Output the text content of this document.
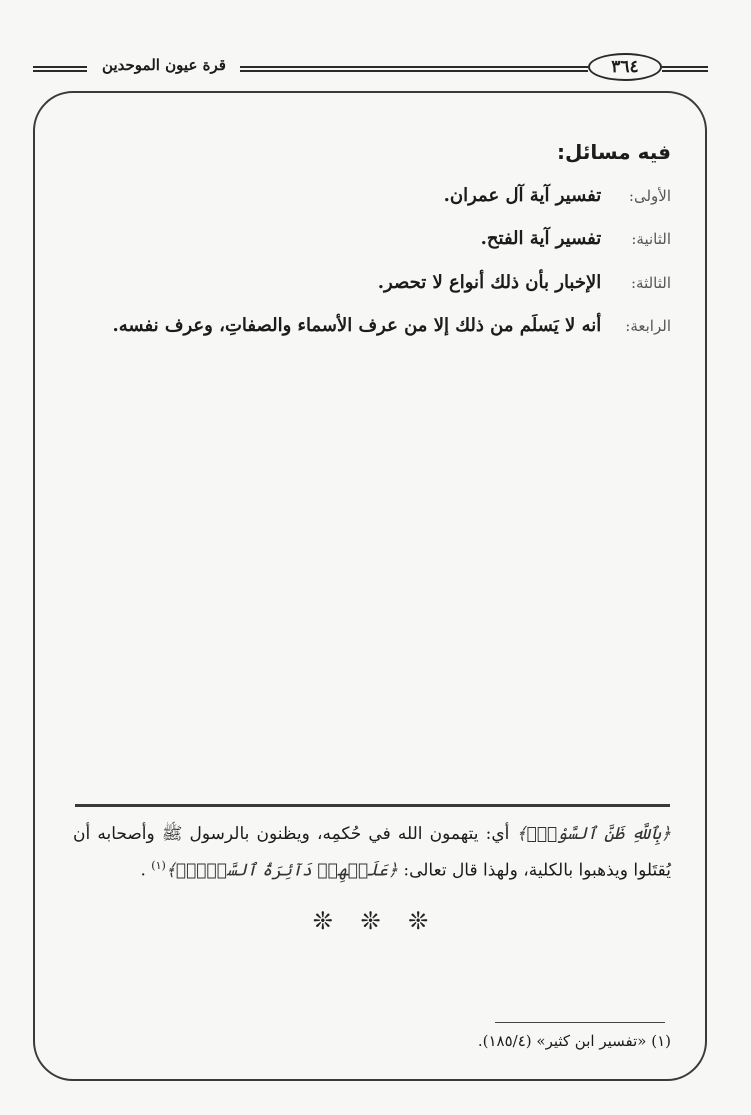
قرة عيون الموحدين	٣٦٤
فيه مسائل:
الأولى: تفسير آية آل عمران.
الثانية: تفسير آية الفتح.
الثالثة: الإخبار بأن ذلك أنواع لا تحصر.
الرابعة: أنه لا يَسلَم من ذلك إلا من عرف الأسماء والصفاتِ، وعرف نفسه.
﴿بِٱللَّهِ ظَنَّ ٱلسَّوْءِۚ﴾ أي: يتهمون الله في حُكمِه، ويظنون بالرسول ﷺ وأصحابه أن يُقتَلوا ويذهبوا بالكلية، ولهذا قال تعالى: ﴿عَلَيۡهِمۡ دَآئِرَةُ ٱلسَّوۡءِۖ﴾$^{(١)}$ .
❊ ❊ ❊
(١) «تفسير ابن كثير» (١٨٥/٤).
